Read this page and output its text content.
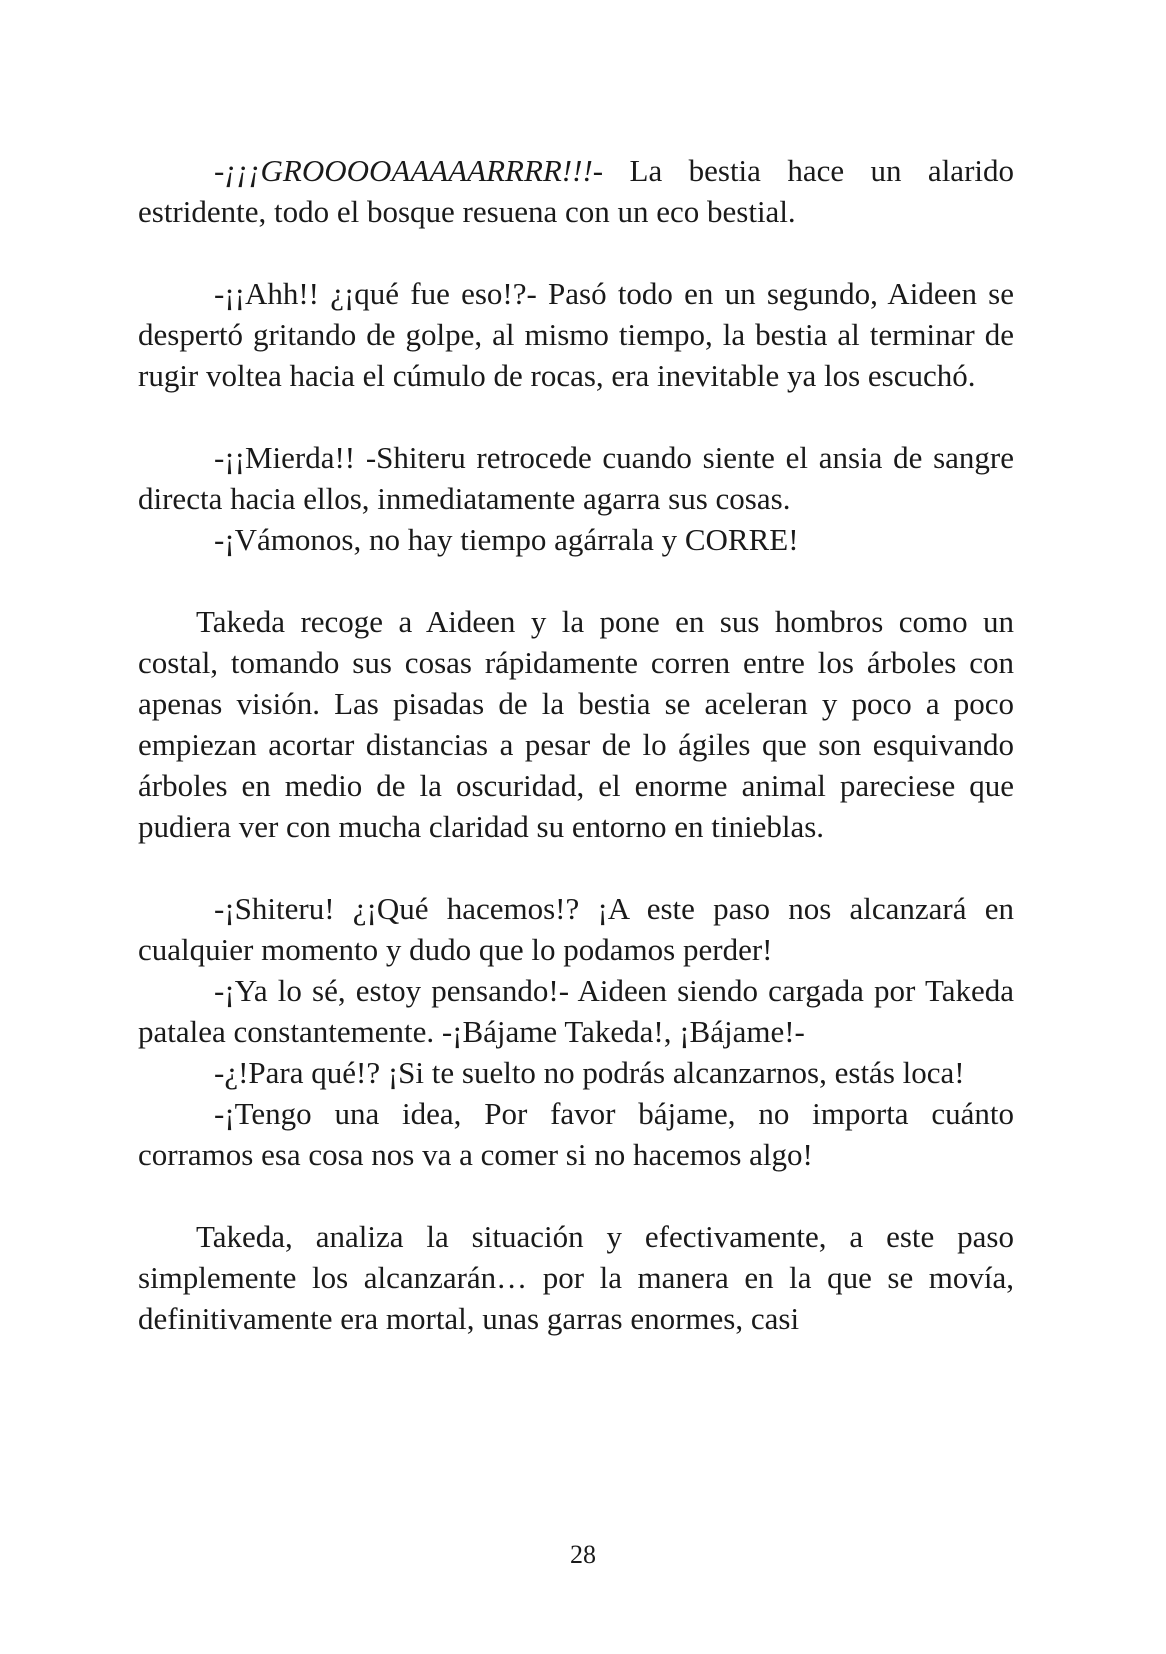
-¡¡¡GROOOOAAAAARRRR!!!- La bestia hace un alarido estridente, todo el bosque resuena con un eco bestial.

-¡¡Ahh!! ¿¡qué fue eso!?- Pasó todo en un segundo, Aideen se despertó gritando de golpe, al mismo tiempo, la bestia al terminar de rugir voltea hacia el cúmulo de rocas, era inevitable ya los escuchó.

-¡¡Mierda!! -Shiteru retrocede cuando siente el ansia de sangre directa hacia ellos, inmediatamente agarra sus cosas.

-¡Vámonos, no hay tiempo agárrala y CORRE!

Takeda recoge a Aideen y la pone en sus hombros como un costal, tomando sus cosas rápidamente corren entre los árboles con apenas visión. Las pisadas de la bestia se aceleran y poco a poco empiezan acortar distancias a pesar de lo ágiles que son esquivando árboles en medio de la oscuridad, el enorme animal pareciese que pudiera ver con mucha claridad su entorno en tinieblas.

-¡Shiteru! ¿¡Qué hacemos!? ¡A este paso nos alcanzará en cualquier momento y dudo que lo podamos perder!

-¡Ya lo sé, estoy pensando!- Aideen siendo cargada por Takeda patalea constantemente. -¡Bájame Takeda!, ¡Bájame!-

-¿!Para qué!? ¡Si te suelto no podrás alcanzarnos, estás loca!

-¡Tengo una idea, Por favor bájame, no importa cuánto corramos esa cosa nos va a comer si no hacemos algo!

Takeda, analiza la situación y efectivamente, a este paso simplemente los alcanzarán… por la manera en la que se movía, definitivamente era mortal, unas garras enormes, casi

28
